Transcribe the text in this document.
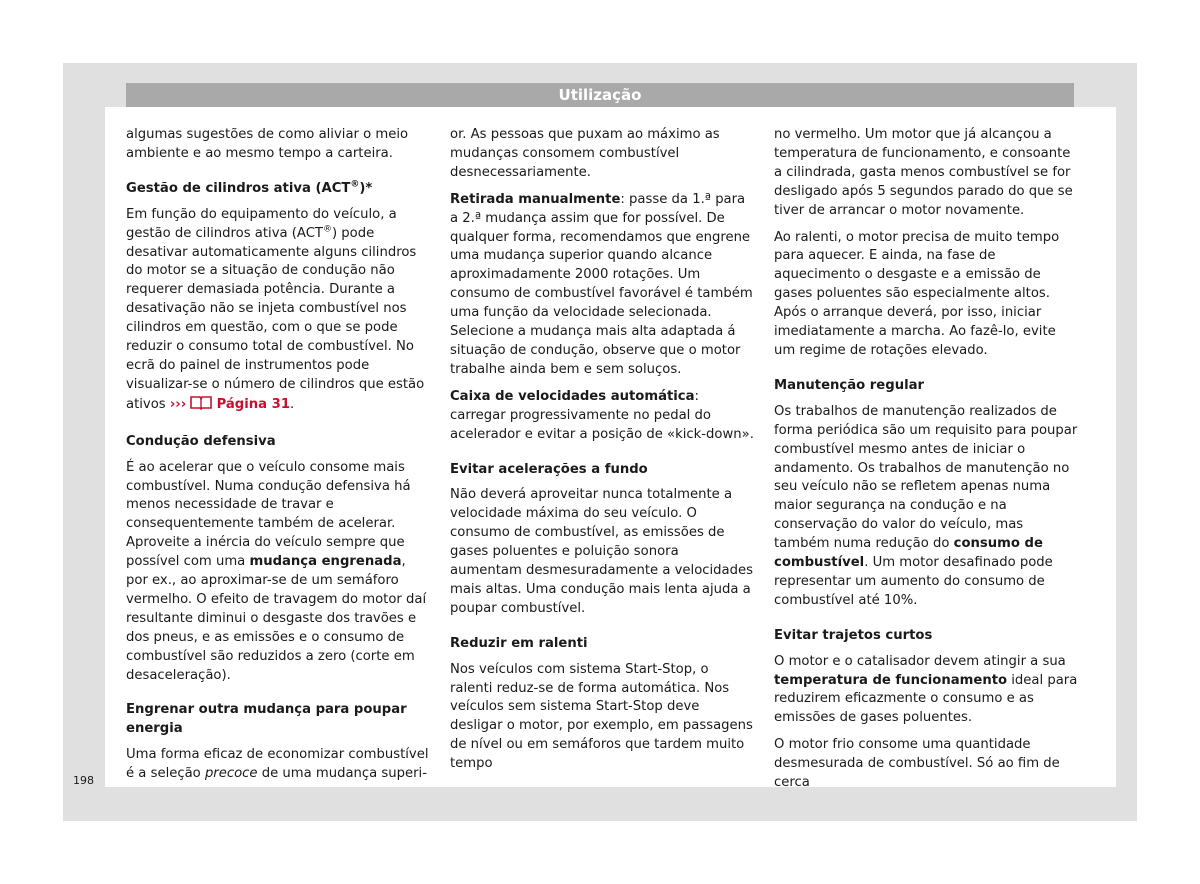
Utilização

algumas sugestões de como aliviar o meio ambiente e ao mesmo tempo a carteira.

Gestão de cilindros ativa (ACT®)*

Em função do equipamento do veículo, a gestão de cilindros ativa (ACT®) pode desativar automaticamente alguns cilindros do motor se a situação de condução não requerer demasiada potência. Durante a desativação não se injeta combustível nos cilindros em questão, com o que se pode reduzir o consumo total de combustível. No ecrã do painel de instrumentos pode visualizar-se o número de cilindros que estão ativos ››› Página 31.

Condução defensiva

É ao acelerar que o veículo consome mais combustível. Numa condução defensiva há menos necessidade de travar e consequentemente também de acelerar. Aproveite a inércia do veículo sempre que possível com uma mudança engrenada, por ex., ao aproximar-se de um semáforo vermelho. O efeito de travagem do motor daí resultante diminui o desgaste dos travões e dos pneus, e as emissões e o consumo de combustível são reduzidos a zero (corte em desaceleração).

Engrenar outra mudança para poupar energia

Uma forma eficaz de economizar combustível é a seleção precoce de uma mudança superi-

or. As pessoas que puxam ao máximo as mudanças consomem combustível desnecessariamente.

Retirada manualmente: passe da 1.ª para a 2.ª mudança assim que for possível. De qualquer forma, recomendamos que engrene uma mudança superior quando alcance aproximadamente 2000 rotações. Um consumo de combustível favorável é também uma função da velocidade selecionada. Selecione a mudança mais alta adaptada á situação de condução, observe que o motor trabalhe ainda bem e sem soluços.

Caixa de velocidades automática: carregar progressivamente no pedal do acelerador e evitar a posição de «kick-down».

Evitar acelerações a fundo

Não deverá aproveitar nunca totalmente a velocidade máxima do seu veículo. O consumo de combustível, as emissões de gases poluentes e poluição sonora aumentam desmesuradamente a velocidades mais altas. Uma condução mais lenta ajuda a poupar combustível.

Reduzir em ralenti

Nos veículos com sistema Start-Stop, o ralenti reduz-se de forma automática. Nos veículos sem sistema Start-Stop deve desligar o motor, por exemplo, em passagens de nível ou em semáforos que tardem muito tempo

no vermelho. Um motor que já alcançou a temperatura de funcionamento, e consoante a cilindrada, gasta menos combustível se for desligado após 5 segundos parado do que se tiver de arrancar o motor novamente.

Ao ralenti, o motor precisa de muito tempo para aquecer. E ainda, na fase de aquecimento o desgaste e a emissão de gases poluentes são especialmente altos. Após o arranque deverá, por isso, iniciar imediatamente a marcha. Ao fazê-lo, evite um regime de rotações elevado.

Manutenção regular

Os trabalhos de manutenção realizados de forma periódica são um requisito para poupar combustível mesmo antes de iniciar o andamento. Os trabalhos de manutenção no seu veículo não se refletem apenas numa maior segurança na condução e na conservação do valor do veículo, mas também numa redução do consumo de combustível. Um motor desafinado pode representar um aumento do consumo de combustível até 10%.

Evitar trajetos curtos

O motor e o catalisador devem atingir a sua temperatura de funcionamento ideal para reduzirem eficazmente o consumo e as emissões de gases poluentes.

O motor frio consome uma quantidade desmesurada de combustível. Só ao fim de cerca

198
